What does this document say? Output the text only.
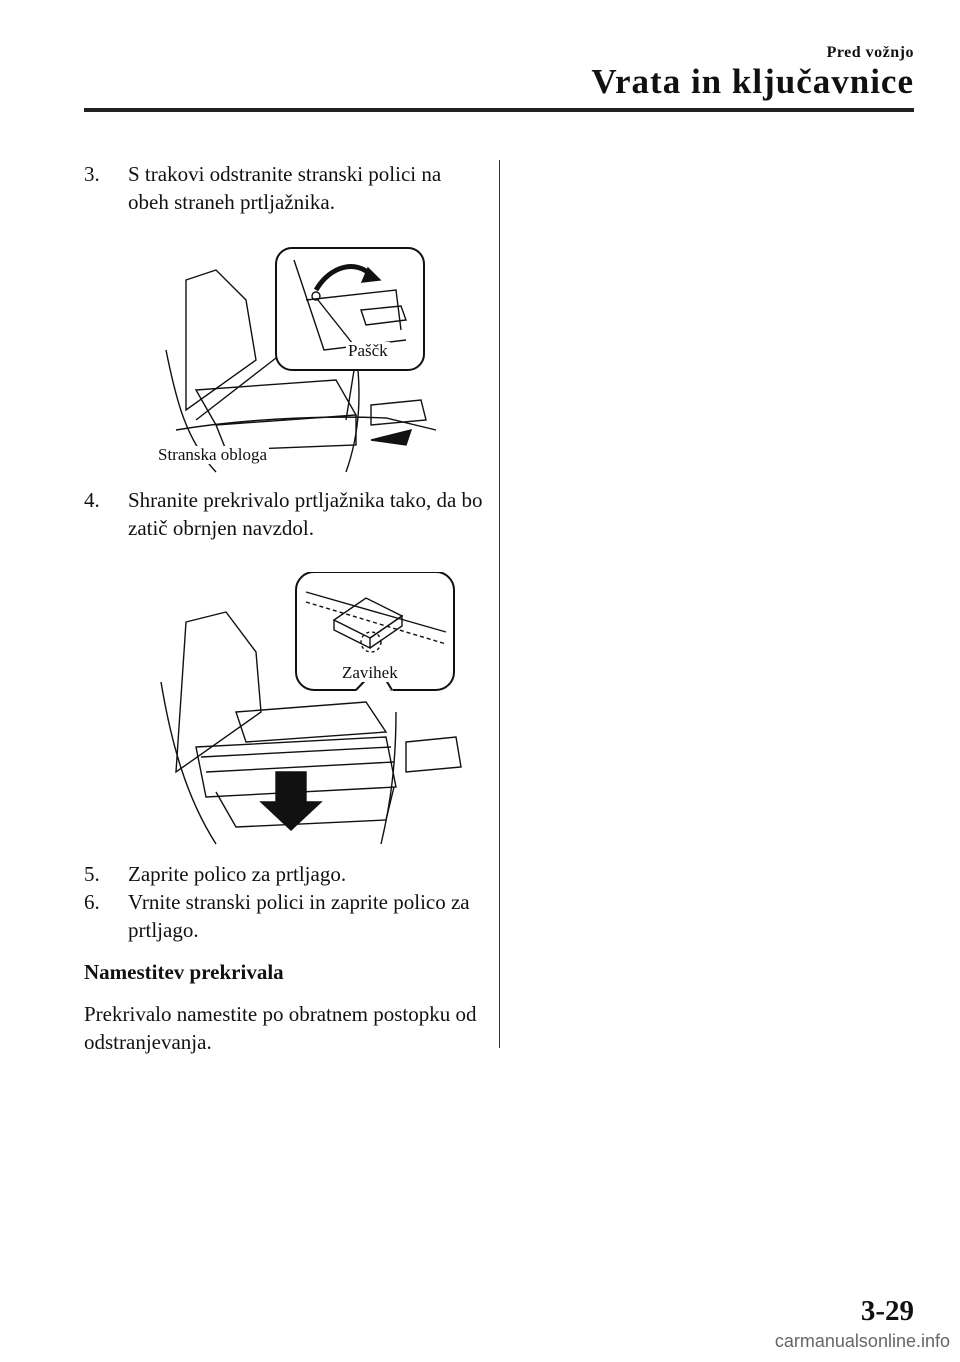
Pred vožnjo
Vrata in ključavnice
3. S trakovi odstranite stranski polici na obeh straneh prtljažnika.
Paščk
Stranska obloga
4. Shranite prekrivalo prtljažnika tako, da bo zatič obrnjen navzdol.
Zavihek
5. Zaprite polico za prtljago.
6. Vrnite stranski polici in zaprite polico za prtljago.
Namestitev prekrivala
Prekrivalo namestite po obratnem postopku od odstranjevanja.
3-29
carmanualsonline.info
